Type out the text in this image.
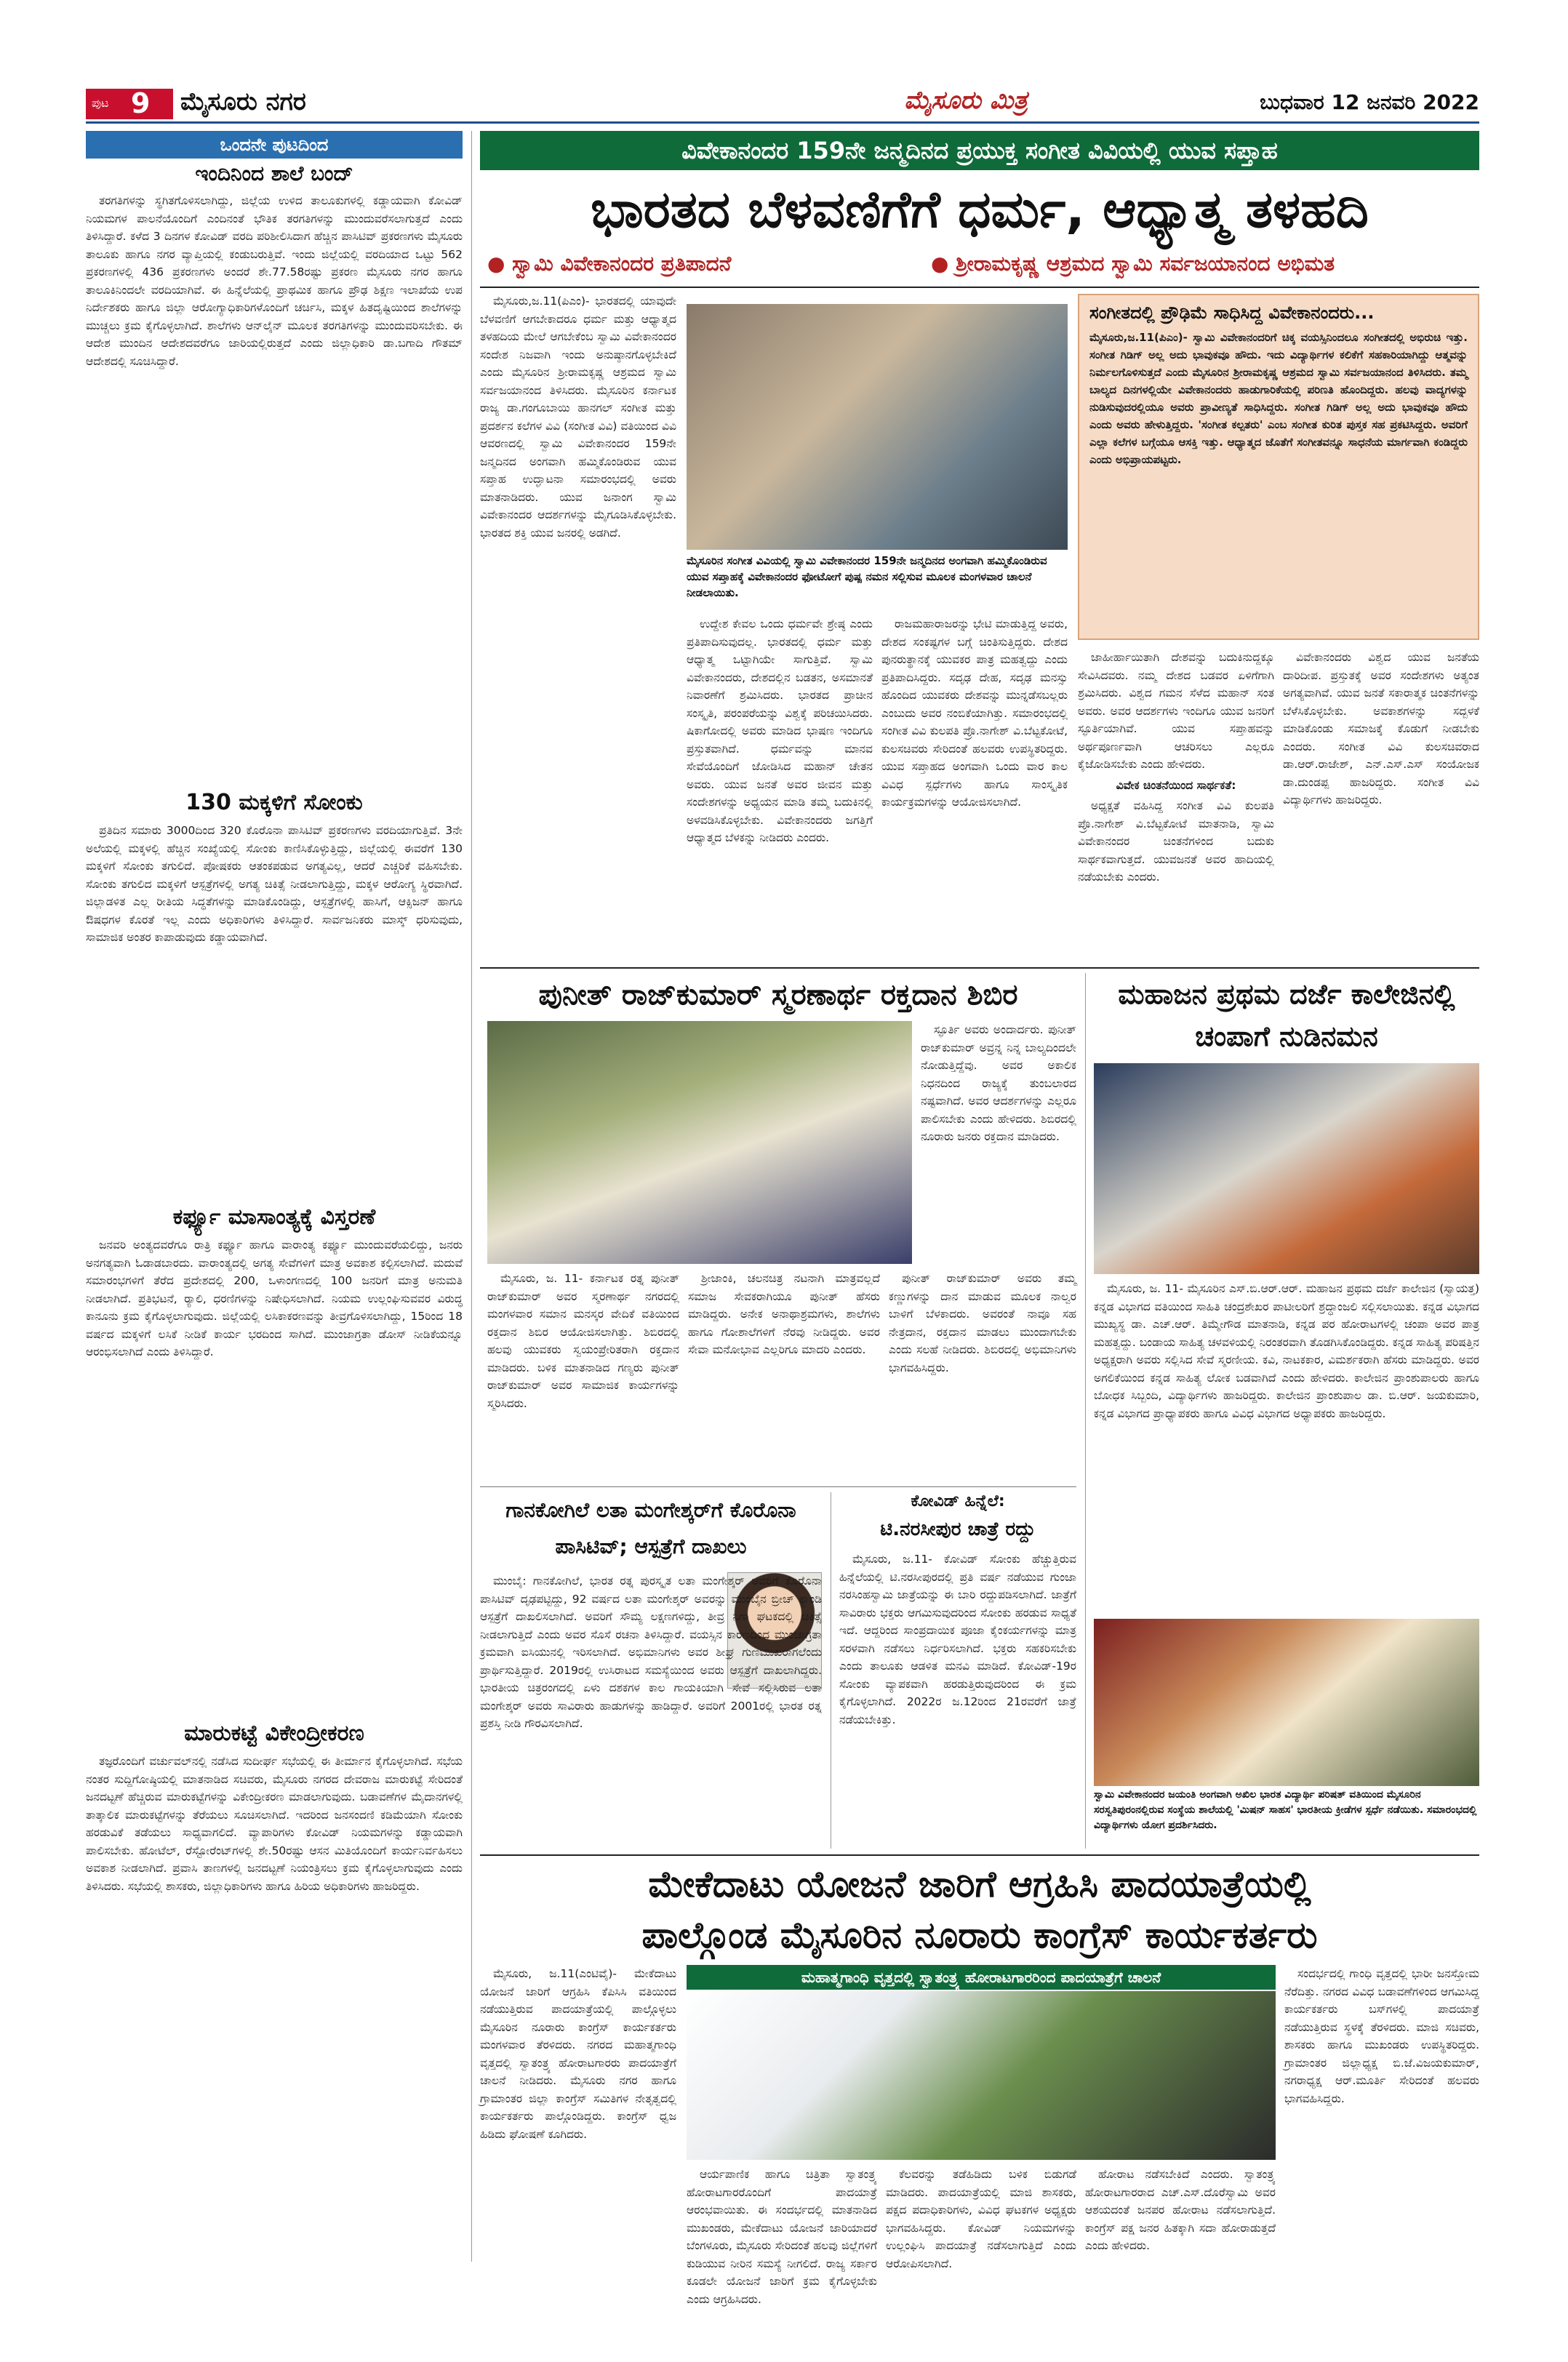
ಪುಟ 9 ಮೈಸೂರು ನಗರ	ಮೈಸೂರು ಮಿತ್ರ	ಬುಧವಾರ 12 ಜನವರಿ 2022
ಒಂದನೇ ಪುಟದಿಂದ
ಇಂದಿನಿಂದ ಶಾಲೆ ಬಂದ್

ತರಗತಿಗಳನ್ನು ಸ್ಥಗಿತಗೊಳಿಸಲಾಗಿದ್ದು, ಜಿಲ್ಲೆಯ ಉಳಿದ ತಾಲೂಕುಗಳಲ್ಲಿ ಕಡ್ಡಾಯವಾಗಿ ಕೋವಿಡ್ ನಿಯಮಗಳ ಪಾಲನೆಯೊಂದಿಗೆ ಎಂದಿನಂತೆ ಭೌತಿಕ ತರಗತಿಗಳನ್ನು ಮುಂದುವರೆಸಲಾಗುತ್ತದೆ ಎಂದು ತಿಳಿಸಿದ್ದಾರೆ. ಕಳೆದ 3 ದಿನಗಳ ಕೋವಿಡ್ ವರದಿ ಪರಿಶೀಲಿಸಿದಾಗ ಹೆಚ್ಚಿನ ಪಾಸಿಟಿವ್ ಪ್ರಕರಣಗಳು ಮೈಸೂರು ತಾಲೂಕು ಹಾಗೂ ನಗರ ವ್ಯಾಪ್ತಿಯಲ್ಲಿ ಕಂಡುಬರುತ್ತಿವೆ. ಇಂದು ಜಿಲ್ಲೆಯಲ್ಲಿ ವರದಿಯಾದ ಒಟ್ಟು 562 ಪ್ರಕರಣಗಳಲ್ಲಿ 436 ಪ್ರಕರಣಗಳು ಅಂದರೆ ಶೇ.77.58ರಷ್ಟು ಪ್ರಕರಣ ಮೈಸೂರು ನಗರ ಹಾಗೂ ತಾಲೂಕಿನಿಂದಲೇ ವರದಿಯಾಗಿವೆ. ಈ ಹಿನ್ನೆಲೆಯಲ್ಲಿ ಪ್ರಾಥಮಿಕ ಹಾಗೂ ಪ್ರೌಢ ಶಿಕ್ಷಣ ಇಲಾಖೆಯ ಉಪ ನಿರ್ದೇಶಕರು ಹಾಗೂ ಜಿಲ್ಲಾ ಆರೋಗ್ಯಾಧಿಕಾರಿಗಳೊಂದಿಗೆ ಚರ್ಚಿಸಿ, ಮಕ್ಕಳ ಹಿತದೃಷ್ಟಿಯಿಂದ ಶಾಲೆಗಳನ್ನು ಮುಚ್ಚಲು ಕ್ರಮ ಕೈಗೊಳ್ಳಲಾಗಿದೆ. ಶಾಲೆಗಳು ಆನ್‌ಲೈನ್ ಮೂಲಕ ತರಗತಿಗಳನ್ನು ಮುಂದುವರಿಸಬೇಕು. ಈ ಆದೇಶ ಮುಂದಿನ ಆದೇಶದವರೆಗೂ ಜಾರಿಯಲ್ಲಿರುತ್ತದೆ ಎಂದು ಜಿಲ್ಲಾಧಿಕಾರಿ ಡಾ.ಬಗಾದಿ ಗೌತಮ್ ಆದೇಶದಲ್ಲಿ ಸೂಚಿಸಿದ್ದಾರೆ.

130 ಮಕ್ಕಳಿಗೆ ಸೋಂಕು

ಪ್ರತಿದಿನ ಸಮಾರು 3000ದಿಂದ 320 ಕೊರೊನಾ ಪಾಸಿಟಿವ್ ಪ್ರಕರಣಗಳು ವರದಿಯಾಗುತ್ತಿವೆ. 3ನೇ ಅಲೆಯಲ್ಲಿ ಮಕ್ಕಳಲ್ಲಿ ಹೆಚ್ಚಿನ ಸಂಖ್ಯೆಯಲ್ಲಿ ಸೋಂಕು ಕಾಣಿಸಿಕೊಳ್ಳುತ್ತಿದ್ದು, ಜಿಲ್ಲೆಯಲ್ಲಿ ಈವರೆಗೆ 130 ಮಕ್ಕಳಿಗೆ ಸೋಂಕು ತಗುಲಿದೆ. ಪೋಷಕರು ಆತಂಕಪಡುವ ಅಗತ್ಯವಿಲ್ಲ, ಆದರೆ ಎಚ್ಚರಿಕೆ ವಹಿಸಬೇಕು. ಸೋಂಕು ತಗುಲಿದ ಮಕ್ಕಳಿಗೆ ಆಸ್ಪತ್ರೆಗಳಲ್ಲಿ ಅಗತ್ಯ ಚಿಕಿತ್ಸೆ ನೀಡಲಾಗುತ್ತಿದ್ದು, ಮಕ್ಕಳ ಆರೋಗ್ಯ ಸ್ಥಿರವಾಗಿದೆ. ಜಿಲ್ಲಾಡಳಿತ ಎಲ್ಲ ರೀತಿಯ ಸಿದ್ಧತೆಗಳನ್ನು ಮಾಡಿಕೊಂಡಿದ್ದು, ಆಸ್ಪತ್ರೆಗಳಲ್ಲಿ ಹಾಸಿಗೆ, ಆಕ್ಸಿಜನ್ ಹಾಗೂ ಔಷಧಗಳ ಕೊರತೆ ಇಲ್ಲ ಎಂದು ಅಧಿಕಾರಿಗಳು ತಿಳಿಸಿದ್ದಾರೆ. ಸಾರ್ವಜನಿಕರು ಮಾಸ್ಕ್ ಧರಿಸುವುದು, ಸಾಮಾಜಿಕ ಅಂತರ ಕಾಪಾಡುವುದು ಕಡ್ಡಾಯವಾಗಿದೆ.

ಕರ್ಫ್ಯೂ ಮಾಸಾಂತ್ಯಕ್ಕೆ ವಿಸ್ತರಣೆ

ಜನವರಿ ಅಂತ್ಯದವರೆಗೂ ರಾತ್ರಿ ಕರ್ಫ್ಯೂ ಹಾಗೂ ವಾರಾಂತ್ಯ ಕರ್ಫ್ಯೂ ಮುಂದುವರೆಯಲಿದ್ದು, ಜನರು ಅನಗತ್ಯವಾಗಿ ಓಡಾಡಬಾರದು. ವಾರಾಂತ್ಯದಲ್ಲಿ ಅಗತ್ಯ ಸೇವೆಗಳಿಗೆ ಮಾತ್ರ ಅವಕಾಶ ಕಲ್ಪಿಸಲಾಗಿದೆ. ಮದುವೆ ಸಮಾರಂಭಗಳಿಗೆ ತೆರೆದ ಪ್ರದೇಶದಲ್ಲಿ 200, ಒಳಾಂಗಣದಲ್ಲಿ 100 ಜನರಿಗೆ ಮಾತ್ರ ಅನುಮತಿ ನೀಡಲಾಗಿದೆ. ಪ್ರತಿಭಟನೆ, ರ‍್ಯಾಲಿ, ಧರಣಿಗಳನ್ನು ನಿಷೇಧಿಸಲಾಗಿದೆ. ನಿಯಮ ಉಲ್ಲಂಘಿಸುವವರ ವಿರುದ್ಧ ಕಾನೂನು ಕ್ರಮ ಕೈಗೊಳ್ಳಲಾಗುವುದು. ಜಿಲ್ಲೆಯಲ್ಲಿ ಲಸಿಕಾಕರಣವನ್ನು ತೀವ್ರಗೊಳಿಸಲಾಗಿದ್ದು, 15ರಿಂದ 18 ವರ್ಷದ ಮಕ್ಕಳಿಗೆ ಲಸಿಕೆ ನೀಡಿಕೆ ಕಾರ್ಯ ಭರದಿಂದ ಸಾಗಿದೆ. ಮುಂಜಾಗ್ರತಾ ಡೋಸ್ ನೀಡಿಕೆಯನ್ನೂ ಆರಂಭಿಸಲಾಗಿದೆ ಎಂದು ತಿಳಿಸಿದ್ದಾರೆ.

ಮಾರುಕಟ್ಟೆ ವಿಕೇಂದ್ರೀಕರಣ

ತಜ್ಞರೊಂದಿಗೆ ವರ್ಚುವಲ್‌ನಲ್ಲಿ ನಡೆಸಿದ ಸುದೀರ್ಘ ಸಭೆಯಲ್ಲಿ ಈ ತೀರ್ಮಾನ ಕೈಗೊಳ್ಳಲಾಗಿದೆ. ಸಭೆಯ ನಂತರ ಸುದ್ದಿಗೋಷ್ಠಿಯಲ್ಲಿ ಮಾತನಾಡಿದ ಸಚಿವರು, ಮೈಸೂರು ನಗರದ ದೇವರಾಜ ಮಾರುಕಟ್ಟೆ ಸೇರಿದಂತೆ ಜನದಟ್ಟಣೆ ಹೆಚ್ಚಿರುವ ಮಾರುಕಟ್ಟೆಗಳನ್ನು ವಿಕೇಂದ್ರೀಕರಣ ಮಾಡಲಾಗುವುದು. ಬಡಾವಣೆಗಳ ಮೈದಾನಗಳಲ್ಲಿ ತಾತ್ಕಾಲಿಕ ಮಾರುಕಟ್ಟೆಗಳನ್ನು ತೆರೆಯಲು ಸೂಚಿಸಲಾಗಿದೆ. ಇದರಿಂದ ಜನಸಂದಣಿ ಕಡಿಮೆಯಾಗಿ ಸೋಂಕು ಹರಡುವಿಕೆ ತಡೆಯಲು ಸಾಧ್ಯವಾಗಲಿದೆ. ವ್ಯಾಪಾರಿಗಳು ಕೋವಿಡ್ ನಿಯಮಗಳನ್ನು ಕಡ್ಡಾಯವಾಗಿ ಪಾಲಿಸಬೇಕು. ಹೋಟೆಲ್, ರೆಸ್ಟೋರೆಂಟ್‌ಗಳಲ್ಲಿ ಶೇ.50ರಷ್ಟು ಆಸನ ಮಿತಿಯೊಂದಿಗೆ ಕಾರ್ಯನಿರ್ವಹಿಸಲು ಅವಕಾಶ ನೀಡಲಾಗಿದೆ. ಪ್ರವಾಸಿ ತಾಣಗಳಲ್ಲಿ ಜನದಟ್ಟಣೆ ನಿಯಂತ್ರಿಸಲು ಕ್ರಮ ಕೈಗೊಳ್ಳಲಾಗುವುದು ಎಂದು ತಿಳಿಸಿದರು. ಸಭೆಯಲ್ಲಿ ಶಾಸಕರು, ಜಿಲ್ಲಾಧಿಕಾರಿಗಳು ಹಾಗೂ ಹಿರಿಯ ಅಧಿಕಾರಿಗಳು ಹಾಜರಿದ್ದರು.

ವಿವೇಕಾನಂದರ 159ನೇ ಜನ್ಮದಿನದ ಪ್ರಯುಕ್ತ ಸಂಗೀತ ವಿವಿಯಲ್ಲಿ ಯುವ ಸಪ್ತಾಹ
ಭಾರತದ ಬೆಳವಣಿಗೆಗೆ ಧರ್ಮ, ಆಧ್ಯಾತ್ಮ ತಳಹದಿ
● ಸ್ವಾಮಿ ವಿವೇಕಾನಂದರ ಪ್ರತಿಪಾದನೆ	● ಶ್ರೀರಾಮಕೃಷ್ಣ ಆಶ್ರಮದ ಸ್ವಾಮಿ ಸರ್ವಜಯಾನಂದ ಅಭಿಮತ

ಮೈಸೂರು,ಜ.11(ಪಿಎಂ)- ಭಾರತದಲ್ಲಿ ಯಾವುದೇ ಬೆಳವಣಿಗೆ ಆಗಬೇಕಾದರೂ ಧರ್ಮ ಮತ್ತು ಆಧ್ಯಾತ್ಮದ ತಳಹದಿಯ ಮೇಲೆ ಆಗಬೇಕೆಂಬ ಸ್ವಾಮಿ ವಿವೇಕಾನಂದರ ಸಂದೇಶ ನಿಜವಾಗಿ ಇಂದು ಅನುಷ್ಠಾನಗೊಳ್ಳಬೇಕಿದೆ ಎಂದು ಮೈಸೂರಿನ ಶ್ರೀರಾಮಕೃಷ್ಣ ಆಶ್ರಮದ ಸ್ವಾಮಿ ಸರ್ವಜಯಾನಂದ ತಿಳಿಸಿದರು. ಮೈಸೂರಿನ ಕರ್ನಾಟಕ ರಾಜ್ಯ ಡಾ.ಗಂಗೂಬಾಯಿ ಹಾನಗಲ್ ಸಂಗೀತ ಮತ್ತು ಪ್ರದರ್ಶನ ಕಲೆಗಳ ವಿವಿ (ಸಂಗೀತ ವಿವಿ) ವತಿಯಿಂದ ವಿವಿ ಆವರಣದಲ್ಲಿ ಸ್ವಾಮಿ ವಿವೇಕಾನಂದರ 159ನೇ ಜನ್ಮದಿನದ ಅಂಗವಾಗಿ ಹಮ್ಮಿಕೊಂಡಿರುವ ಯುವ ಸಪ್ತಾಹ ಉದ್ಘಾಟನಾ ಸಮಾರಂಭದಲ್ಲಿ ಅವರು ಮಾತನಾಡಿದರು. ಯುವ ಜನಾಂಗ ಸ್ವಾಮಿ ವಿವೇಕಾನಂದರ ಆದರ್ಶಗಳನ್ನು ಮೈಗೂಡಿಸಿಕೊಳ್ಳಬೇಕು. ಭಾರತದ ಶಕ್ತಿ ಯುವ ಜನರಲ್ಲಿ ಅಡಗಿದೆ.

ಮೈಸೂರಿನ ಸಂಗೀತ ವಿವಿಯಲ್ಲಿ ಸ್ವಾಮಿ ವಿವೇಕಾನಂದರ 159ನೇ ಜನ್ಮದಿನದ ಅಂಗವಾಗಿ ಹಮ್ಮಿಕೊಂಡಿರುವ ಯುವ ಸಪ್ತಾಹಕ್ಕೆ ವಿವೇಕಾನಂದರ ಫೋಟೋಗೆ ಪುಷ್ಪ ನಮನ ಸಲ್ಲಿಸುವ ಮೂಲಕ ಮಂಗಳವಾರ ಚಾಲನೆ ನೀಡಲಾಯಿತು.

ಉದ್ದೇಶ ಕೇವಲ ಒಂದು ಧರ್ಮವೇ ಶ್ರೇಷ್ಠ ಎಂದು ಪ್ರತಿಪಾದಿಸುವುದಲ್ಲ. ಭಾರತದಲ್ಲಿ ಧರ್ಮ ಮತ್ತು ಆಧ್ಯಾತ್ಮ ಒಟ್ಟಾಗಿಯೇ ಸಾಗುತ್ತಿವೆ. ಸ್ವಾಮಿ ವಿವೇಕಾನಂದರು, ದೇಶದಲ್ಲಿನ ಬಡತನ, ಅಸಮಾನತೆ ನಿವಾರಣೆಗೆ ಶ್ರಮಿಸಿದರು. ಭಾರತದ ಪ್ರಾಚೀನ ಸಂಸ್ಕೃತಿ, ಪರಂಪರೆಯನ್ನು ವಿಶ್ವಕ್ಕೆ ಪರಿಚಯಿಸಿದರು. ಷಿಕಾಗೋದಲ್ಲಿ ಅವರು ಮಾಡಿದ ಭಾಷಣ ಇಂದಿಗೂ ಪ್ರಸ್ತುತವಾಗಿದೆ. ಧರ್ಮವನ್ನು ಮಾನವ ಸೇವೆಯೊಂದಿಗೆ ಜೋಡಿಸಿದ ಮಹಾನ್ ಚೇತನ ಅವರು. ಯುವ ಜನತೆ ಅವರ ಜೀವನ ಮತ್ತು ಸಂದೇಶಗಳನ್ನು ಅಧ್ಯಯನ ಮಾಡಿ ತಮ್ಮ ಬದುಕಿನಲ್ಲಿ ಅಳವಡಿಸಿಕೊಳ್ಳಬೇಕು. ವಿವೇಕಾನಂದರು ಜಗತ್ತಿಗೆ ಆಧ್ಯಾತ್ಮದ ಬೆಳಕನ್ನು ನೀಡಿದರು ಎಂದರು.

ರಾಜಮಹಾರಾಜರನ್ನು ಭೇಟಿ ಮಾಡುತ್ತಿದ್ದ ಅವರು, ದೇಶದ ಸಂಕಷ್ಟಗಳ ಬಗ್ಗೆ ಚಿಂತಿಸುತ್ತಿದ್ದರು. ದೇಶದ ಪುನರುತ್ಥಾನಕ್ಕೆ ಯುವಕರ ಪಾತ್ರ ಮಹತ್ವದ್ದು ಎಂದು ಪ್ರತಿಪಾದಿಸಿದ್ದರು. ಸದೃಢ ದೇಹ, ಸದೃಢ ಮನಸ್ಸು ಹೊಂದಿದ ಯುವಕರು ದೇಶವನ್ನು ಮುನ್ನಡೆಸಬಲ್ಲರು ಎಂಬುದು ಅವರ ನಂಬಿಕೆಯಾಗಿತ್ತು. ಸಮಾರಂಭದಲ್ಲಿ ಸಂಗೀತ ವಿವಿ ಕುಲಪತಿ ಪ್ರೊ.ನಾಗೇಶ್ ವಿ.ಬೆಟ್ಟಕೋಟೆ, ಕುಲಸಚಿವರು ಸೇರಿದಂತೆ ಹಲವರು ಉಪಸ್ಥಿತರಿದ್ದರು. ಯುವ ಸಪ್ತಾಹದ ಅಂಗವಾಗಿ ಒಂದು ವಾರ ಕಾಲ ವಿವಿಧ ಸ್ಪರ್ಧೆಗಳು ಹಾಗೂ ಸಾಂಸ್ಕೃತಿಕ ಕಾರ್ಯಕ್ರಮಗಳನ್ನು ಆಯೋಜಿಸಲಾಗಿದೆ.

ಸಂಗೀತದಲ್ಲಿ ಪ್ರೌಢಿಮೆ ಸಾಧಿಸಿದ್ದ ವಿವೇಕಾನಂದರು...
ಮೈಸೂರು,ಜ.11(ಪಿಎಂ)- ಸ್ವಾಮಿ ವಿವೇಕಾನಂದರಿಗೆ ಚಿಕ್ಕ ವಯಸ್ಸಿನಿಂದಲೂ ಸಂಗೀತದಲ್ಲಿ ಅಭಿರುಚಿ ಇತ್ತು. ಸಂಗೀತ ಗಿಡಿಗ್ ಅಲ್ಲ ಅದು ಭಾವುಕವೂ ಹೌದು. ಇದು ವಿದ್ಯಾರ್ಥಿಗಳ ಕಲಿಕೆಗೆ ಸಹಕಾರಿಯಾಗಿದ್ದು ಆತ್ಮವನ್ನು ನಿರ್ಮಲಗೊಳಿಸುತ್ತದೆ ಎಂದು ಮೈಸೂರಿನ ಶ್ರೀರಾಮಕೃಷ್ಣ ಆಶ್ರಮದ ಸ್ವಾಮಿ ಸರ್ವಜಯಾನಂದ ತಿಳಿಸಿದರು. ತಮ್ಮ ಬಾಲ್ಯದ ದಿನಗಳಲ್ಲಿಯೇ ವಿವೇಕಾನಂದರು ಹಾಡುಗಾರಿಕೆಯಲ್ಲಿ ಪರಿಣತಿ ಹೊಂದಿದ್ದರು. ಹಲವು ವಾದ್ಯಗಳನ್ನು ನುಡಿಸುವುದರಲ್ಲಿಯೂ ಅವರು ಪ್ರಾವೀಣ್ಯತೆ ಸಾಧಿಸಿದ್ದರು. ಸಂಗೀತ ಗಿಡಿಗ್ ಅಲ್ಲ ಅದು ಭಾವುಕವೂ ಹೌದು ಎಂದು ಅವರು ಹೇಳುತ್ತಿದ್ದರು. 'ಸಂಗೀತ ಕಲ್ಪತರು' ಎಂಬ ಸಂಗೀತ ಕುರಿತ ಪುಸ್ತಕ ಸಹ ಪ್ರಕಟಿಸಿದ್ದರು. ಅವರಿಗೆ ಎಲ್ಲಾ ಕಲೆಗಳ ಬಗ್ಗೆಯೂ ಆಸಕ್ತಿ ಇತ್ತು. ಆಧ್ಯಾತ್ಮದ ಜೊತೆಗೆ ಸಂಗೀತವನ್ನೂ ಸಾಧನೆಯ ಮಾರ್ಗವಾಗಿ ಕಂಡಿದ್ದರು ಎಂದು ಅಭಿಪ್ರಾಯಪಟ್ಟರು.

ಜಾಹೀರ್ಹಾಯಿತಾಗಿ ದೇಶವನ್ನು ಬದುಕಿನುದ್ದಕ್ಕೂ ಸೇವಿಸಿದವರು. ನಮ್ಮ ದೇಶದ ಬಡವರ ಏಳಿಗೆಗಾಗಿ ಶ್ರಮಿಸಿದರು. ವಿಶ್ವದ ಗಮನ ಸೆಳೆದ ಮಹಾನ್ ಸಂತ ಅವರು. ಅವರ ಆದರ್ಶಗಳು ಇಂದಿಗೂ ಯುವ ಜನರಿಗೆ ಸ್ಫೂರ್ತಿಯಾಗಿವೆ. ಯುವ ಸಪ್ತಾಹವನ್ನು ಅರ್ಥಪೂರ್ಣವಾಗಿ ಆಚರಿಸಲು ಎಲ್ಲರೂ ಕೈಜೋಡಿಸಬೇಕು ಎಂದು ಹೇಳಿದರು.

ವಿವೇಕ ಚಿಂತನೆಯಿಂದ ಸಾರ್ಥಕತೆ:

ಅಧ್ಯಕ್ಷತೆ ವಹಿಸಿದ್ದ ಸಂಗೀತ ವಿವಿ ಕುಲಪತಿ ಪ್ರೊ.ನಾಗೇಶ್ ವಿ.ಬೆಟ್ಟಕೋಟೆ ಮಾತನಾಡಿ, ಸ್ವಾಮಿ ವಿವೇಕಾನಂದರ ಚಿಂತನೆಗಳಿಂದ ಬದುಕು ಸಾರ್ಥಕವಾಗುತ್ತದೆ. ಯುವಜನತೆ ಅವರ ಹಾದಿಯಲ್ಲಿ ನಡೆಯಬೇಕು ಎಂದರು.

ವಿವೇಕಾನಂದರು ವಿಶ್ವದ ಯುವ ಜನತೆಯ ದಾರಿದೀಪ. ಪ್ರಸ್ತುತಕ್ಕೆ ಅವರ ಸಂದೇಶಗಳು ಅತ್ಯಂತ ಅಗತ್ಯವಾಗಿವೆ. ಯುವ ಜನತೆ ಸಕಾರಾತ್ಮಕ ಚಿಂತನೆಗಳನ್ನು ಬೆಳೆಸಿಕೊಳ್ಳಬೇಕು. ಅವಕಾಶಗಳನ್ನು ಸದ್ಬಳಕೆ ಮಾಡಿಕೊಂಡು ಸಮಾಜಕ್ಕೆ ಕೊಡುಗೆ ನೀಡಬೇಕು ಎಂದರು. ಸಂಗೀತ ವಿವಿ ಕುಲಸಚಿವರಾದ ಡಾ.ಆರ್.ರಾಜೇಶ್, ಎನ್.ಎಸ್.ಎಸ್ ಸಂಯೋಜಕ ಡಾ.ದುಂಡಪ್ಪ ಹಾಜರಿದ್ದರು. ಸಂಗೀತ ವಿವಿ ವಿದ್ಯಾರ್ಥಿಗಳು ಹಾಜರಿದ್ದರು.

ಪುನೀತ್ ರಾಜ್‌ಕುಮಾರ್ ಸ್ಮರಣಾರ್ಥ ರಕ್ತದಾನ ಶಿಬಿರ

ಸ್ಫೂರ್ತಿ ಅವರು ಅಂದಾರ್ದರು. ಪುನೀತ್ ರಾಜ್‌ಕುಮಾರ್ ಅವ್ರನ್ನ ನಿನ್ನ ಬಾಲ್ಯದಿಂದಲೇ ನೋಡುತ್ತಿದ್ದೆವು. ಅವರ ಅಕಾಲಿಕ ನಿಧನದಿಂದ ರಾಜ್ಯಕ್ಕೆ ತುಂಬಲಾರದ ನಷ್ಟವಾಗಿದೆ. ಅವರ ಆದರ್ಶಗಳನ್ನು ಎಲ್ಲರೂ ಪಾಲಿಸಬೇಕು ಎಂದು ಹೇಳಿದರು. ಶಿಬಿರದಲ್ಲಿ ನೂರಾರು ಜನರು ರಕ್ತದಾನ ಮಾಡಿದರು.

ಮೈಸೂರು, ಜ. 11- ಕರ್ನಾಟಕ ರತ್ನ ಪುನೀತ್ ರಾಜ್‌ಕುಮಾರ್ ಅವರ ಸ್ಮರಣಾರ್ಥ ನಗರದಲ್ಲಿ ಮಂಗಳವಾರ ಸಮಾನ ಮನಸ್ಕರ ವೇದಿಕೆ ವತಿಯಿಂದ ರಕ್ತದಾನ ಶಿಬಿರ ಆಯೋಜಿಸಲಾಗಿತ್ತು. ಶಿಬಿರದಲ್ಲಿ ಹಲವು ಯುವಕರು ಸ್ವಯಂಪ್ರೇರಿತರಾಗಿ ರಕ್ತದಾನ ಮಾಡಿದರು. ಬಳಿಕ ಮಾತನಾಡಿದ ಗಣ್ಯರು ಪುನೀತ್ ರಾಜ್‌ಕುಮಾರ್ ಅವರ ಸಾಮಾಜಿಕ ಕಾರ್ಯಗಳನ್ನು ಸ್ಮರಿಸಿದರು.

ಶ್ರೀಜಾಂಕಿ, ಚಲನಚಿತ್ರ ನಟನಾಗಿ ಮಾತ್ರವಲ್ಲದೆ ಸಮಾಜ ಸೇವಕರಾಗಿಯೂ ಪುನೀತ್ ಹೆಸರು ಮಾಡಿದ್ದರು. ಅನೇಕ ಅನಾಥಾಶ್ರಮಗಳು, ಶಾಲೆಗಳು ಹಾಗೂ ಗೋಶಾಲೆಗಳಿಗೆ ನೆರವು ನೀಡಿದ್ದರು. ಅವರ ಸೇವಾ ಮನೋಭಾವ ಎಲ್ಲರಿಗೂ ಮಾದರಿ ಎಂದರು.

ಪುನೀತ್ ರಾಜ್‌ಕುಮಾರ್ ಅವರು ತಮ್ಮ ಕಣ್ಣುಗಳನ್ನು ದಾನ ಮಾಡುವ ಮೂಲಕ ನಾಲ್ವರ ಬಾಳಿಗೆ ಬೆಳಕಾದರು. ಅವರಂತೆ ನಾವೂ ಸಹ ನೇತ್ರದಾನ, ರಕ್ತದಾನ ಮಾಡಲು ಮುಂದಾಗಬೇಕು ಎಂದು ಸಲಹೆ ನೀಡಿದರು. ಶಿಬಿರದಲ್ಲಿ ಅಭಿಮಾನಿಗಳು ಭಾಗವಹಿಸಿದ್ದರು.

ಗಾನಕೋಗಿಲೆ ಲತಾ ಮಂಗೇಶ್ಕರ್‌ಗೆ ಕೊರೊನಾ ಪಾಸಿಟಿವ್; ಆಸ್ಪತ್ರೆಗೆ ದಾಖಲು

ಮುಂಬೈ: ಗಾನಕೋಗಿಲೆ, ಭಾರತ ರತ್ನ ಪುರಸ್ಕೃತ ಲತಾ ಮಂಗೇಶ್ಕರ್ ಅವರಿಗೆ ಕೊರೊನಾ ಪಾಸಿಟಿವ್ ದೃಢಪಟ್ಟಿದ್ದು, 92 ವರ್ಷದ ಲತಾ ಮಂಗೇಶ್ಕರ್ ಅವರನ್ನು ಮುಂಬೈನ ಬ್ರೀಚ್ ಕ್ಯಾಂಡಿ ಆಸ್ಪತ್ರೆಗೆ ದಾಖಲಿಸಲಾಗಿದೆ. ಅವರಿಗೆ ಸೌಮ್ಯ ಲಕ್ಷಣಗಳಿದ್ದು, ತೀವ್ರ ನಿಗಾ ಘಟಕದಲ್ಲಿ ಚಿಕಿತ್ಸೆ ನೀಡಲಾಗುತ್ತಿದೆ ಎಂದು ಅವರ ಸೊಸೆ ರಚನಾ ತಿಳಿಸಿದ್ದಾರೆ. ವಯಸ್ಸಿನ ಕಾರಣದಿಂದ ಮುಂಜಾಗ್ರತಾ ಕ್ರಮವಾಗಿ ಐಸಿಯುನಲ್ಲಿ ಇರಿಸಲಾಗಿದೆ. ಅಭಿಮಾನಿಗಳು ಅವರ ಶೀಘ್ರ ಗುಣಮುಖರಾಗಲೆಂದು ಪ್ರಾರ್ಥಿಸುತ್ತಿದ್ದಾರೆ. 2019ರಲ್ಲಿ ಉಸಿರಾಟದ ಸಮಸ್ಯೆಯಿಂದ ಅವರು ಆಸ್ಪತ್ರೆಗೆ ದಾಖಲಾಗಿದ್ದರು. ಭಾರತೀಯ ಚಿತ್ರರಂಗದಲ್ಲಿ ಏಳು ದಶಕಗಳ ಕಾಲ ಗಾಯಕಿಯಾಗಿ ಸೇವೆ ಸಲ್ಲಿಸಿರುವ ಲತಾ ಮಂಗೇಶ್ಕರ್ ಅವರು ಸಾವಿರಾರು ಹಾಡುಗಳನ್ನು ಹಾಡಿದ್ದಾರೆ. ಅವರಿಗೆ 2001ರಲ್ಲಿ ಭಾರತ ರತ್ನ ಪ್ರಶಸ್ತಿ ನೀಡಿ ಗೌರವಿಸಲಾಗಿದೆ.

ಕೋವಿಡ್ ಹಿನ್ನೆಲೆ:
ಟಿ.ನರಸೀಪುರ ಚಾತ್ರೆ ರದ್ದು

ಮೈಸೂರು, ಜ.11- ಕೋವಿಡ್ ಸೋಂಕು ಹೆಚ್ಚುತ್ತಿರುವ ಹಿನ್ನೆಲೆಯಲ್ಲಿ ಟಿ.ನರಸೀಪುರದಲ್ಲಿ ಪ್ರತಿ ವರ್ಷ ನಡೆಯುವ ಗುಂಜಾ ನರಸಿಂಹಸ್ವಾಮಿ ಜಾತ್ರೆಯನ್ನು ಈ ಬಾರಿ ರದ್ದುಪಡಿಸಲಾಗಿದೆ. ಜಾತ್ರೆಗೆ ಸಾವಿರಾರು ಭಕ್ತರು ಆಗಮಿಸುವುದರಿಂದ ಸೋಂಕು ಹರಡುವ ಸಾಧ್ಯತೆ ಇದೆ. ಆದ್ದರಿಂದ ಸಾಂಪ್ರದಾಯಿಕ ಪೂಜಾ ಕೈಂಕರ್ಯಗಳನ್ನು ಮಾತ್ರ ಸರಳವಾಗಿ ನಡೆಸಲು ನಿರ್ಧರಿಸಲಾಗಿದೆ. ಭಕ್ತರು ಸಹಕರಿಸಬೇಕು ಎಂದು ತಾಲೂಕು ಆಡಳಿತ ಮನವಿ ಮಾಡಿದೆ. ಕೋವಿಡ್-19ರ ಸೋಂಕು ವ್ಯಾಪಕವಾಗಿ ಹರಡುತ್ತಿರುವುದರಿಂದ ಈ ಕ್ರಮ ಕೈಗೊಳ್ಳಲಾಗಿದೆ. 2022ರ ಜ.12ರಿಂದ 21ರವರೆಗೆ ಜಾತ್ರೆ ನಡೆಯಬೇಕಿತ್ತು.

ಮಹಾಜನ ಪ್ರಥಮ ದರ್ಜೆ ಕಾಲೇಜಿನಲ್ಲಿ ಚಂಪಾಗೆ ನುಡಿನಮನ

ಮೈಸೂರು, ಜ. 11- ಮೈಸೂರಿನ ಎಸ್.ಬಿ.ಆರ್.ಆರ್. ಮಹಾಜನ ಪ್ರಥಮ ದರ್ಜೆ ಕಾಲೇಜಿನ (ಸ್ವಾಯತ್ತ) ಕನ್ನಡ ವಿಭಾಗದ ವತಿಯಿಂದ ಸಾಹಿತಿ ಚಂದ್ರಶೇಖರ ಪಾಟೀಲರಿಗೆ ಶ್ರದ್ಧಾಂಜಲಿ ಸಲ್ಲಿಸಲಾಯಿತು. ಕನ್ನಡ ವಿಭಾಗದ ಮುಖ್ಯಸ್ಥ ಡಾ. ಎಚ್.ಆರ್. ತಿಮ್ಮೇಗೌಡ ಮಾತನಾಡಿ, ಕನ್ನಡ ಪರ ಹೋರಾಟಗಳಲ್ಲಿ ಚಂಪಾ ಅವರ ಪಾತ್ರ ಮಹತ್ವದ್ದು. ಬಂಡಾಯ ಸಾಹಿತ್ಯ ಚಳವಳಿಯಲ್ಲಿ ನಿರಂತರವಾಗಿ ತೊಡಗಿಸಿಕೊಂಡಿದ್ದರು. ಕನ್ನಡ ಸಾಹಿತ್ಯ ಪರಿಷತ್ತಿನ ಅಧ್ಯಕ್ಷರಾಗಿ ಅವರು ಸಲ್ಲಿಸಿದ ಸೇವೆ ಸ್ಮರಣೀಯ. ಕವಿ, ನಾಟಕಕಾರ, ವಿಮರ್ಶಕರಾಗಿ ಹೆಸರು ಮಾಡಿದ್ದರು. ಅವರ ಅಗಲಿಕೆಯಿಂದ ಕನ್ನಡ ಸಾಹಿತ್ಯ ಲೋಕ ಬಡವಾಗಿದೆ ಎಂದು ಹೇಳಿದರು. ಕಾಲೇಜಿನ ಪ್ರಾಂಶುಪಾಲರು ಹಾಗೂ ಬೋಧಕ ಸಿಬ್ಬಂದಿ, ವಿದ್ಯಾರ್ಥಿಗಳು ಹಾಜರಿದ್ದರು. ಕಾಲೇಜಿನ ಪ್ರಾಂಶುಪಾಲ ಡಾ. ಬಿ.ಆರ್. ಜಯಕುಮಾರಿ, ಕನ್ನಡ ವಿಭಾಗದ ಪ್ರಾಧ್ಯಾಪಕರು ಹಾಗೂ ವಿವಿಧ ವಿಭಾಗದ ಅಧ್ಯಾಪಕರು ಹಾಜರಿದ್ದರು.

ಸ್ವಾಮಿ ವಿವೇಕಾನಂದರ ಜಯಂತಿ ಅಂಗವಾಗಿ ಅಖಿಲ ಭಾರತ ವಿದ್ಯಾರ್ಥಿ ಪರಿಷತ್ ವತಿಯಿಂದ ಮೈಸೂರಿನ ಸರಸ್ವತಿಪುರಂನಲ್ಲಿರುವ ಸಂಸ್ಥೆಯ ಶಾಲೆಯಲ್ಲಿ 'ಮಿಷನ್ ಸಾಹಸ' ಭಾರತೀಯ ಕ್ರೀಡೆಗಳ ಸ್ಪರ್ಧೆ ನಡೆಯಿತು. ಸಮಾರಂಭದಲ್ಲಿ ವಿದ್ಯಾರ್ಥಿಗಳು ಯೋಗ ಪ್ರದರ್ಶಿಸಿದರು.
ಮೇಕೆದಾಟು ಯೋಜನೆ ಜಾರಿಗೆ ಆಗ್ರಹಿಸಿ ಪಾದಯಾತ್ರೆಯಲ್ಲಿ
ಪಾಲ್ಗೊಂಡ ಮೈಸೂರಿನ ನೂರಾರು ಕಾಂಗ್ರೆಸ್ ಕಾರ್ಯಕರ್ತರು

ಮೈಸೂರು, ಜ.11(ಎಂಟಿವೈ)- ಮೇಕೆದಾಟು ಯೋಜನೆ ಜಾರಿಗೆ ಆಗ್ರಹಿಸಿ ಕೆಪಿಸಿಸಿ ವತಿಯಿಂದ ನಡೆಯುತ್ತಿರುವ ಪಾದಯಾತ್ರೆಯಲ್ಲಿ ಪಾಲ್ಗೊಳ್ಳಲು ಮೈಸೂರಿನ ನೂರಾರು ಕಾಂಗ್ರೆಸ್ ಕಾರ್ಯಕರ್ತರು ಮಂಗಳವಾರ ತೆರಳಿದರು. ನಗರದ ಮಹಾತ್ಮಗಾಂಧಿ ವೃತ್ತದಲ್ಲಿ ಸ್ವಾತಂತ್ರ್ಯ ಹೋರಾಟಗಾರರು ಪಾದಯಾತ್ರೆಗೆ ಚಾಲನೆ ನೀಡಿದರು. ಮೈಸೂರು ನಗರ ಹಾಗೂ ಗ್ರಾಮಾಂತರ ಜಿಲ್ಲಾ ಕಾಂಗ್ರೆಸ್ ಸಮಿತಿಗಳ ನೇತೃತ್ವದಲ್ಲಿ ಕಾರ್ಯಕರ್ತರು ಪಾಲ್ಗೊಂಡಿದ್ದರು. ಕಾಂಗ್ರೆಸ್ ಧ್ವಜ ಹಿಡಿದು ಘೋಷಣೆ ಕೂಗಿದರು.

ಮಹಾತ್ಮಗಾಂಧಿ ವೃತ್ತದಲ್ಲಿ ಸ್ವಾತಂತ್ರ್ಯ ಹೋರಾಟಗಾರರಿಂದ ಪಾದಯಾತ್ರೆಗೆ ಚಾಲನೆ

ಆರ್ಯಪಾಣಿಕ ಹಾಗೂ ಚಿತ್ರಿತಾ ಸ್ವಾತಂತ್ರ್ಯ ಹೋರಾಟಗಾರರೊಂದಿಗೆ ಪಾದಯಾತ್ರೆ ಆರಂಭವಾಯಿತು. ಈ ಸಂದರ್ಭದಲ್ಲಿ ಮಾತನಾಡಿದ ಮುಖಂಡರು, ಮೇಕೆದಾಟು ಯೋಜನೆ ಜಾರಿಯಾದರೆ ಬೆಂಗಳೂರು, ಮೈಸೂರು ಸೇರಿದಂತೆ ಹಲವು ಜಿಲ್ಲೆಗಳಿಗೆ ಕುಡಿಯುವ ನೀರಿನ ಸಮಸ್ಯೆ ನೀಗಲಿದೆ. ರಾಜ್ಯ ಸರ್ಕಾರ ಕೂಡಲೇ ಯೋಜನೆ ಜಾರಿಗೆ ಕ್ರಮ ಕೈಗೊಳ್ಳಬೇಕು ಎಂದು ಆಗ್ರಹಿಸಿದರು.

ಕೆಲವರನ್ನು ತಡೆಹಿಡಿದು ಬಳಿಕ ಬಿಡುಗಡೆ ಮಾಡಿದರು. ಪಾದಯಾತ್ರೆಯಲ್ಲಿ ಮಾಜಿ ಶಾಸಕರು, ಪಕ್ಷದ ಪದಾಧಿಕಾರಿಗಳು, ವಿವಿಧ ಘಟಕಗಳ ಅಧ್ಯಕ್ಷರು ಭಾಗವಹಿಸಿದ್ದರು. ಕೋವಿಡ್ ನಿಯಮಗಳನ್ನು ಉಲ್ಲಂಘಿಸಿ ಪಾದಯಾತ್ರೆ ನಡೆಸಲಾಗುತ್ತಿದೆ ಎಂದು ಆರೋಪಿಸಲಾಗಿದೆ.

ಹೋರಾಟ ನಡೆಸಬೇಕಿದೆ ಎಂದರು. ಸ್ವಾತಂತ್ರ್ಯ ಹೋರಾಟಗಾರರಾದ ಎಚ್.ಎಸ್.ದೊರೆಸ್ವಾಮಿ ಅವರ ಆಶಯದಂತೆ ಜನಪರ ಹೋರಾಟ ನಡೆಸಲಾಗುತ್ತಿದೆ. ಕಾಂಗ್ರೆಸ್ ಪಕ್ಷ ಜನರ ಹಿತಕ್ಕಾಗಿ ಸದಾ ಹೋರಾಡುತ್ತದೆ ಎಂದು ಹೇಳಿದರು.

ಸಂದರ್ಭದಲ್ಲಿ ಗಾಂಧಿ ವೃತ್ತದಲ್ಲಿ ಭಾರೀ ಜನಸ್ತೋಮ ನೆರೆದಿತ್ತು. ನಗರದ ವಿವಿಧ ಬಡಾವಣೆಗಳಿಂದ ಆಗಮಿಸಿದ್ದ ಕಾರ್ಯಕರ್ತರು ಬಸ್‌ಗಳಲ್ಲಿ ಪಾದಯಾತ್ರೆ ನಡೆಯುತ್ತಿರುವ ಸ್ಥಳಕ್ಕೆ ತೆರಳಿದರು. ಮಾಜಿ ಸಚಿವರು, ಶಾಸಕರು ಹಾಗೂ ಮುಖಂಡರು ಉಪಸ್ಥಿತರಿದ್ದರು. ಗ್ರಾಮಾಂತರ ಜಿಲ್ಲಾಧ್ಯಕ್ಷ ಬಿ.ಜೆ.ವಿಜಯಕುಮಾರ್, ನಗರಾಧ್ಯಕ್ಷ ಆರ್.ಮೂರ್ತಿ ಸೇರಿದಂತೆ ಹಲವರು ಭಾಗವಹಿಸಿದ್ದರು.
